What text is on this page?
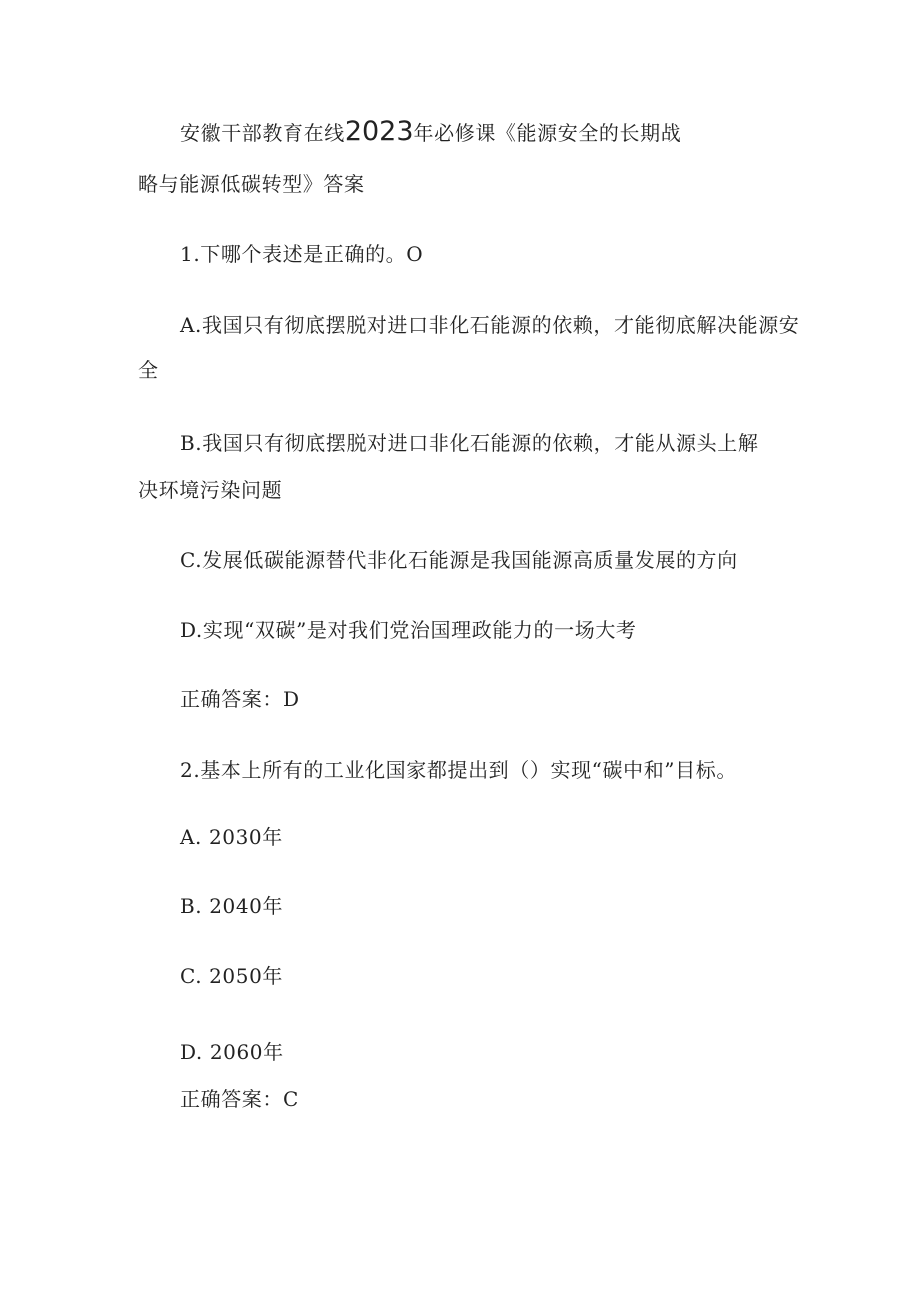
安徽干部教育在线2023年必修课《能源安全的长期战
略与能源低碳转型》答案
1.下哪个表述是正确的。O
A.我国只有彻底摆脱对进口非化石能源的依赖，才能彻底解决能源安
全
B.我国只有彻底摆脱对进口非化石能源的依赖，才能从源头上解
决环境污染问题
C.发展低碳能源替代非化石能源是我国能源高质量发展的方向
D.实现“双碳”是对我们党治国理政能力的一场大考
正确答案：D
2.基本上所有的工业化国家都提出到（）实现“碳中和”目标。
A. 2030年
B. 2040年
C. 2050年
D. 2060年
正确答案：C
